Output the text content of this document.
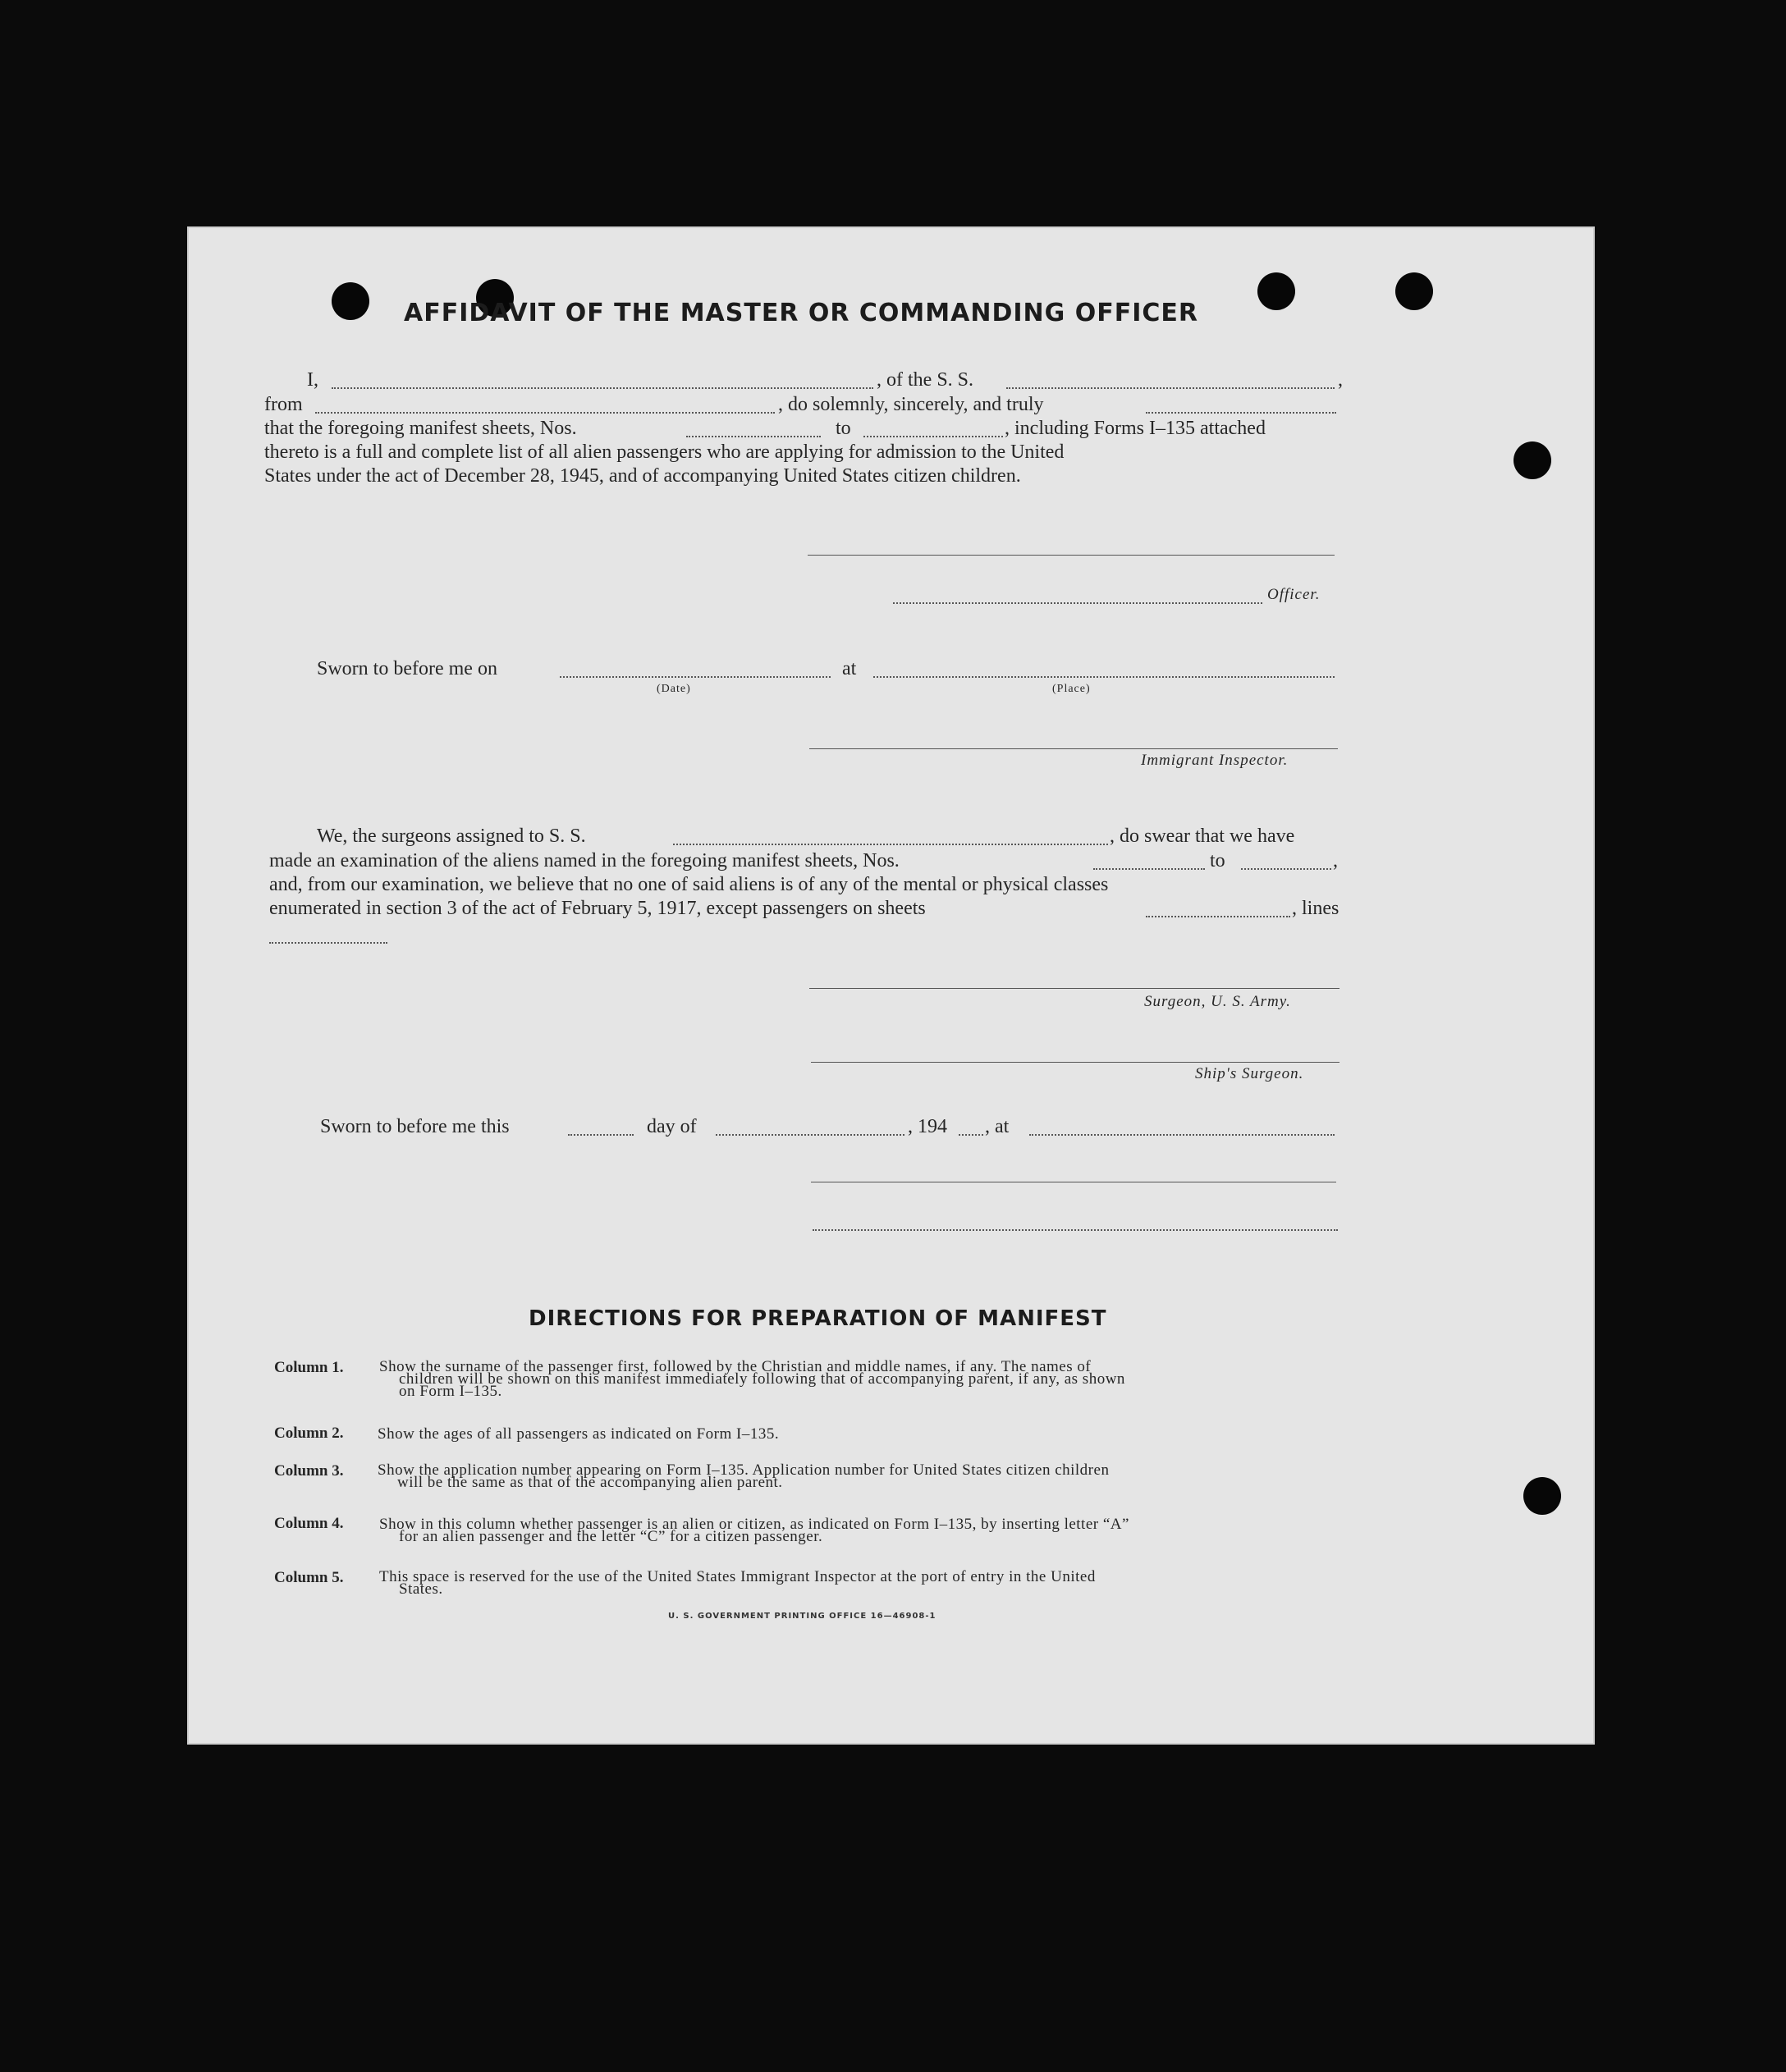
AFFIDAVIT OF THE MASTER OR COMMANDING OFFICER
I,	, of the S. S.	,
from	, do solemnly, sincerely, and truly
that the foregoing manifest sheets, Nos.	to	, including Forms I–135 attached
thereto is a full and complete list of all alien passengers who are applying for admission to the United
States under the act of December 28, 1945, and of accompanying United States citizen children.
Officer.
Sworn to before me on
(Date)
at
(Place)
Immigrant Inspector.
We, the surgeons assigned to S. S.	, do swear that we have
made an examination of the aliens named in the foregoing manifest sheets, Nos.	to	,
and, from our examination, we believe that no one of said aliens is of any of the mental or physical classes
enumerated in section 3 of the act of February 5, 1917, except passengers on sheets	, lines
Surgeon, U. S. Army.
Ship's Surgeon.
Sworn to before me this	day of	, 194 , at
DIRECTIONS FOR PREPARATION OF MANIFEST
Column 1. Show the surname of the passenger first, followed by the Christian and middle names, if any. The names of
children will be shown on this manifest immediately following that of accompanying parent, if any, as shown
on Form I–135.
Column 2. Show the ages of all passengers as indicated on Form I–135.
Column 3. Show the application number appearing on Form I–135. Application number for United States citizen children
will be the same as that of the accompanying alien parent.
Column 4. Show in this column whether passenger is an alien or citizen, as indicated on Form I–135, by inserting letter “A”
for an alien passenger and the letter “C” for a citizen passenger.
Column 5. This space is reserved for the use of the United States Immigrant Inspector at the port of entry in the United
States.
U. S. GOVERNMENT PRINTING OFFICE 16—46908-1
